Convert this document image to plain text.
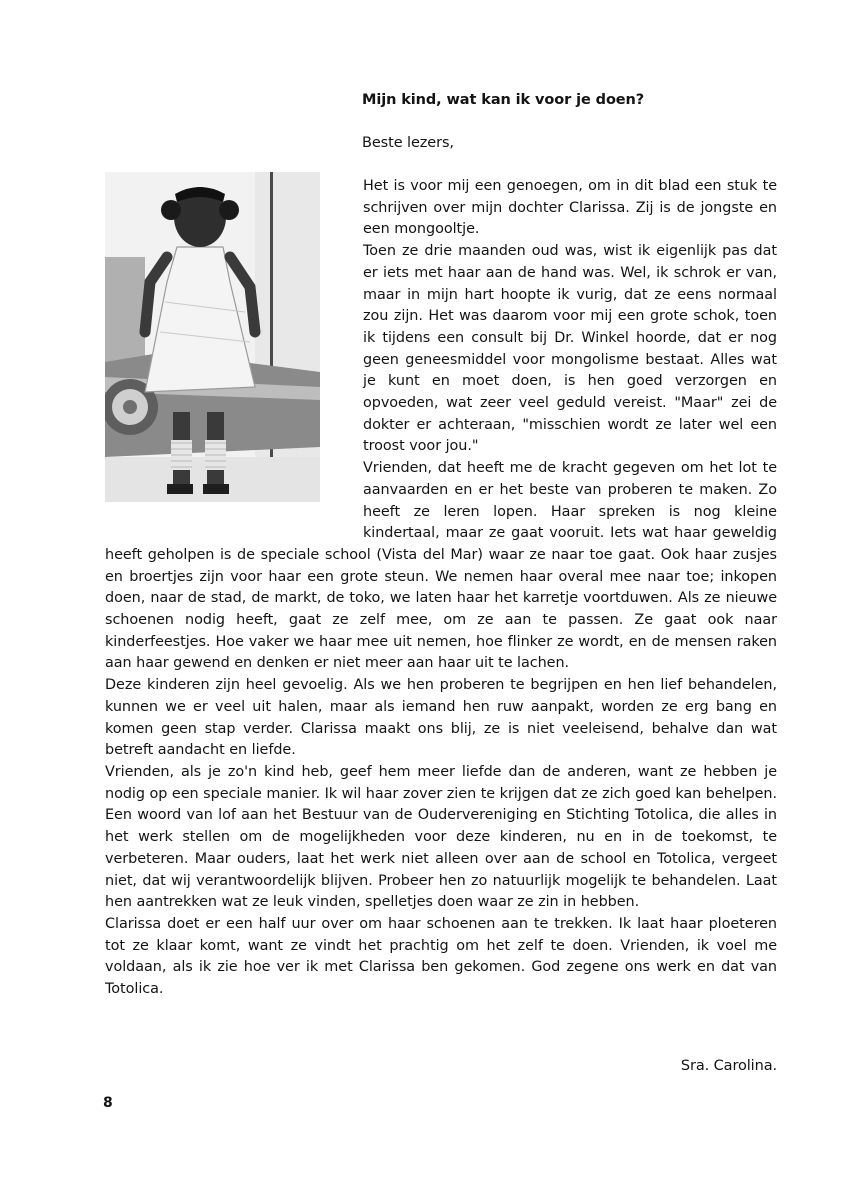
Mijn kind, wat kan ik voor je doen?
Beste lezers,

Het is voor mij een genoegen, om in dit blad een stuk te schrijven over mijn dochter Clarissa. Zij is de jongste en een mongooltje.

Toen ze drie maanden oud was, wist ik eigenlijk pas dat er iets met haar aan de hand was. Wel, ik schrok er van, maar in mijn hart hoopte ik vurig, dat ze eens normaal zou zijn. Het was daarom voor mij een grote schok, toen ik tijdens een consult bij Dr. Winkel hoorde, dat er nog geen geneesmiddel voor mongolisme bestaat. Alles wat je kunt en moet doen, is hen goed verzorgen en opvoeden, wat zeer veel geduld vereist. "Maar" zei de dokter er achteraan, "misschien wordt ze later wel een troost voor jou."

Vrienden, dat heeft me de kracht gegeven om het lot te aanvaarden en er het beste van proberen te maken. Zo heeft ze leren lopen. Haar spreken is nog kleine kindertaal, maar ze gaat vooruit. Iets wat haar geweldig heeft geholpen is de speciale school (Vista del Mar) waar ze naar toe gaat. Ook haar zusjes en broertjes zijn voor haar een grote steun. We nemen haar overal mee naar toe; inkopen doen, naar de stad, de markt, de toko, we laten haar het karretje voortduwen. Als ze nieuwe schoenen nodig heeft, gaat ze zelf mee, om ze aan te passen. Ze gaat ook naar kinderfeestjes. Hoe vaker we haar mee uit nemen, hoe flinker ze wordt, en de mensen raken aan haar gewend en denken er niet meer aan haar uit te lachen.

Deze kinderen zijn heel gevoelig. Als we hen proberen te begrijpen en hen lief behandelen, kunnen we er veel uit halen, maar als iemand hen ruw aanpakt, worden ze erg bang en komen geen stap verder. Clarissa maakt ons blij, ze is niet veeleisend, behalve dan wat betreft aandacht en liefde.

Vrienden, als je zo'n kind heb, geef hem meer liefde dan de anderen, want ze hebben je nodig op een speciale manier. Ik wil haar zover zien te krijgen dat ze zich goed kan behelpen. Een woord van lof aan het Bestuur van de Oudervereniging en Stichting Totolica, die alles in het werk stellen om de mogelijkheden voor deze kinderen, nu en in de toekomst, te verbeteren. Maar ouders, laat het werk niet alleen over aan de school en Totolica, vergeet niet, dat wij verantwoordelijk blijven. Probeer hen zo natuurlijk mogelijk te behandelen. Laat hen aantrekken wat ze leuk vinden, spelletjes doen waar ze zin in hebben.

Clarissa doet er een half uur over om haar schoenen aan te trekken. Ik laat haar ploeteren tot ze klaar komt, want ze vindt het prachtig om het zelf te doen. Vrienden, ik voel me voldaan, als ik zie hoe ver ik met Clarissa ben gekomen. God zegene ons werk en dat van Totolica.

Sra. Carolina.
8
